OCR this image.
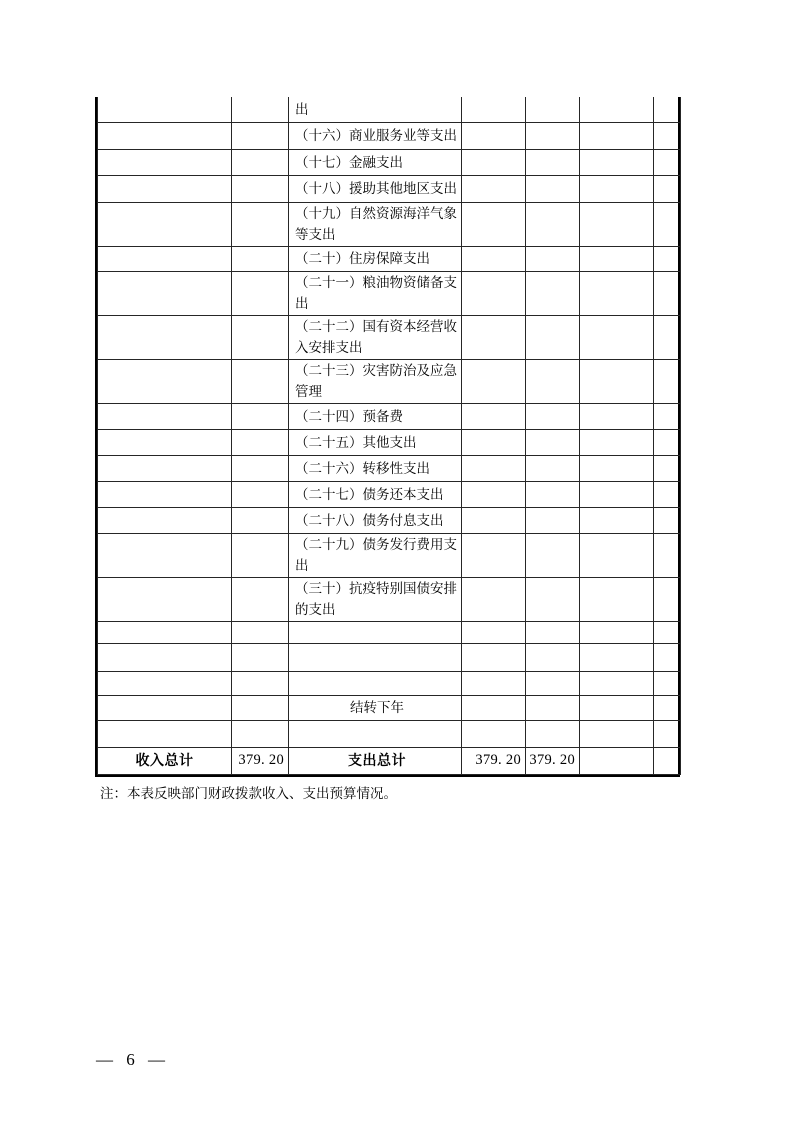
		出				
		（十六）商业服务业等支出				
		（十七）金融支出				
		（十八）援助其他地区支出				
		（十九）自然资源海洋气象等支出				
		（二十）住房保障支出				
		（二十一）粮油物资储备支出				
		（二十二）国有资本经营收入安排支出				
		（二十三）灾害防治及应急管理				
		（二十四）预备费				
		（二十五）其他支出				
		（二十六）转移性支出				
		（二十七）债务还本支出				
		（二十八）债务付息支出				
		（二十九）债务发行费用支出				
		（三十）抗疫特别国债安排的支出				

		结转下年				

收入总计	379. 20	支出总计	379. 20	379. 20		
注：本表反映部门财政拨款收入、支出预算情况。
— 6 —
